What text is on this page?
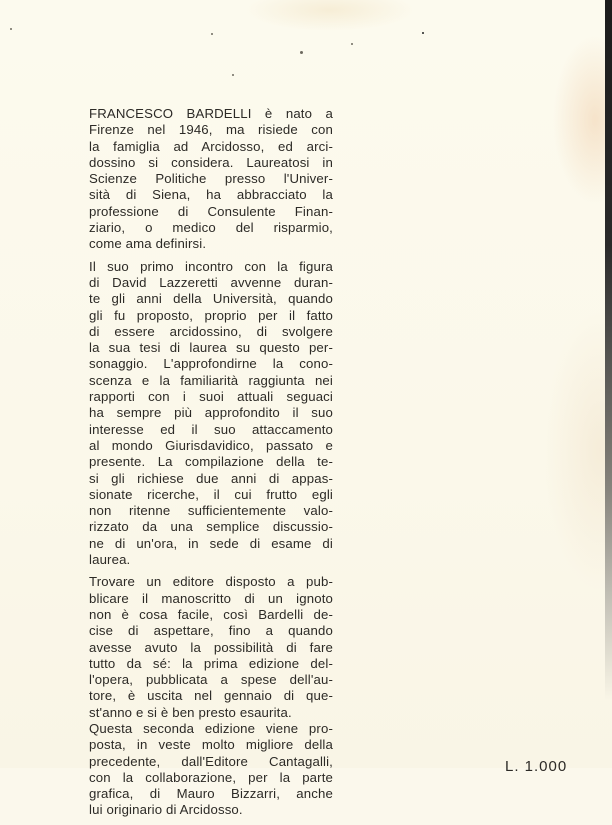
FRANCESCO BARDELLI è nato a
Firenze nel 1946, ma risiede con
la famiglia ad Arcidosso, ed arci-
dossino si considera. Laureatosi in
Scienze Politiche presso l'Univer-
sità di Siena, ha abbracciato la
professione di Consulente Finan-
ziario, o medico del risparmio,
come ama definirsi.

Il suo primo incontro con la figura
di David Lazzeretti avvenne duran-
te gli anni della Università, quando
gli fu proposto, proprio per il fatto
di essere arcidossino, di svolgere
la sua tesi di laurea su questo per-
sonaggio. L'approfondirne la cono-
scenza e la familiarità raggiunta nei
rapporti con i suoi attuali seguaci
ha sempre più approfondito il suo
interesse ed il suo attaccamento
al mondo Giurisdavidico, passato e
presente. La compilazione della te-
si gli richiese due anni di appas-
sionate ricerche, il cui frutto egli
non ritenne sufficientemente valo-
rizzato da una semplice discussio-
ne di un'ora, in sede di esame di
laurea.

Trovare un editore disposto a pub-
blicare il manoscritto di un ignoto
non è cosa facile, così Bardelli de-
cise di aspettare, fino a quando
avesse avuto la possibilità di fare
tutto da sé: la prima edizione del-
l'opera, pubblicata a spese dell'au-
tore, è uscita nel gennaio di que-
st'anno e si è ben presto esaurita.
Questa seconda edizione viene pro-
posta, in veste molto migliore della
precedente, dall'Editore Cantagalli,
con la collaborazione, per la parte
grafica, di Mauro Bizzarri, anche
lui originario di Arcidosso.

L. 1.000
